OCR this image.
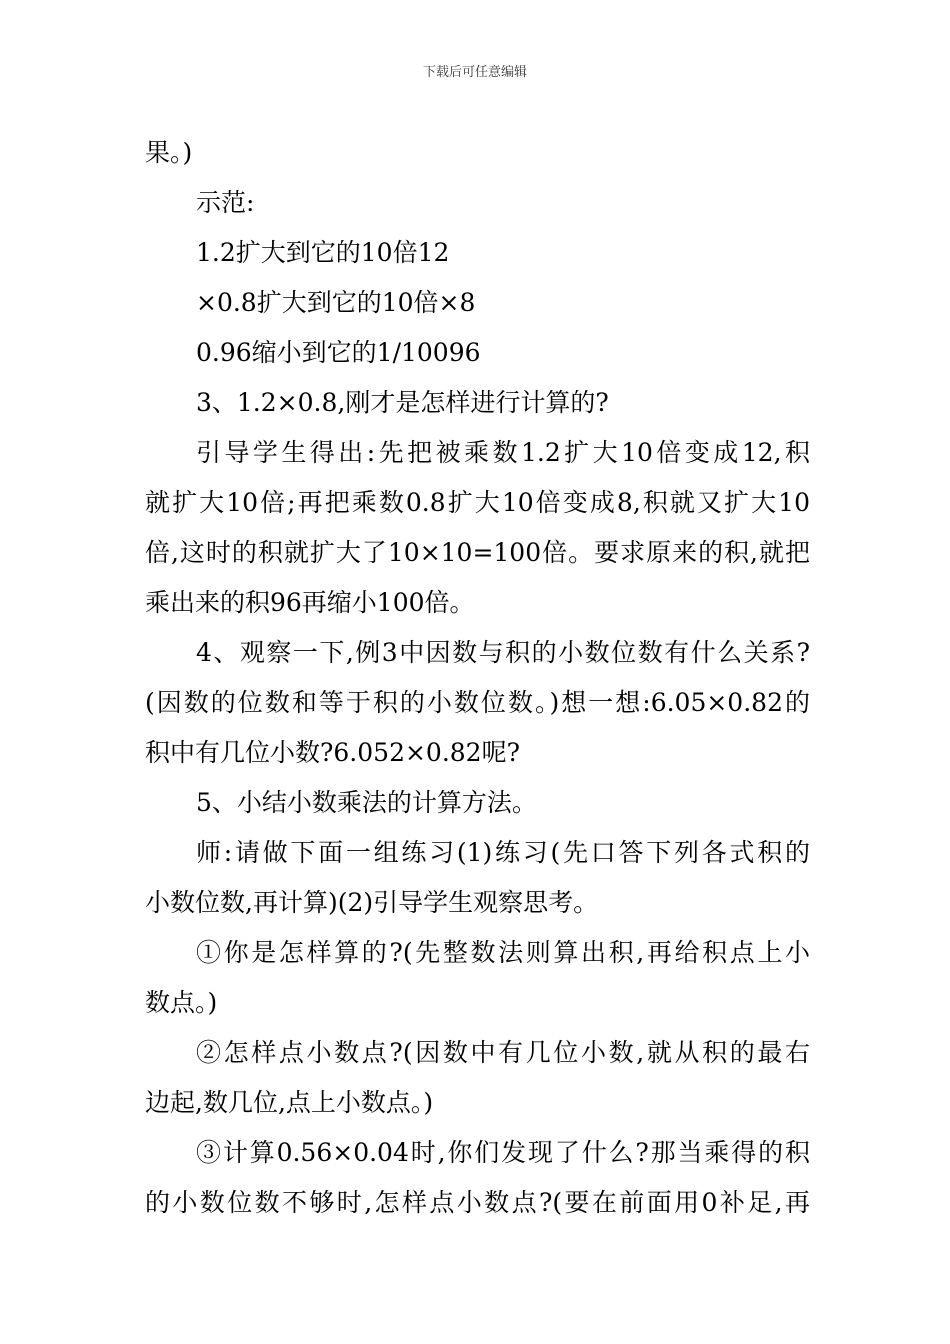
下载后可任意编辑
果。)
示范:
1.2扩大到它的10倍12
×0.8扩大到它的10倍×8
0.96缩小到它的1/10096
3、1.2×0.8,刚才是怎样进行计算的?
引导学生得出:先把被乘数1.2扩大10倍变成12,积
就扩大10倍;再把乘数0.8扩大10倍变成8,积就又扩大10
倍,这时的积就扩大了10×10=100倍。要求原来的积,就把
乘出来的积96再缩小100倍。
4、观察一下,例3中因数与积的小数位数有什么关系?
(因数的位数和等于积的小数位数。)想一想:6.05×0.82的
积中有几位小数?6.052×0.82呢?
5、小结小数乘法的计算方法。
师:请做下面一组练习(1)练习(先口答下列各式积的
小数位数,再计算)(2)引导学生观察思考。
①你是怎样算的?(先整数法则算出积,再给积点上小
数点。)
②怎样点小数点?(因数中有几位小数,就从积的最右
边起,数几位,点上小数点。)
③计算0.56×0.04时,你们发现了什么?那当乘得的积
的小数位数不够时,怎样点小数点?(要在前面用0补足,再
